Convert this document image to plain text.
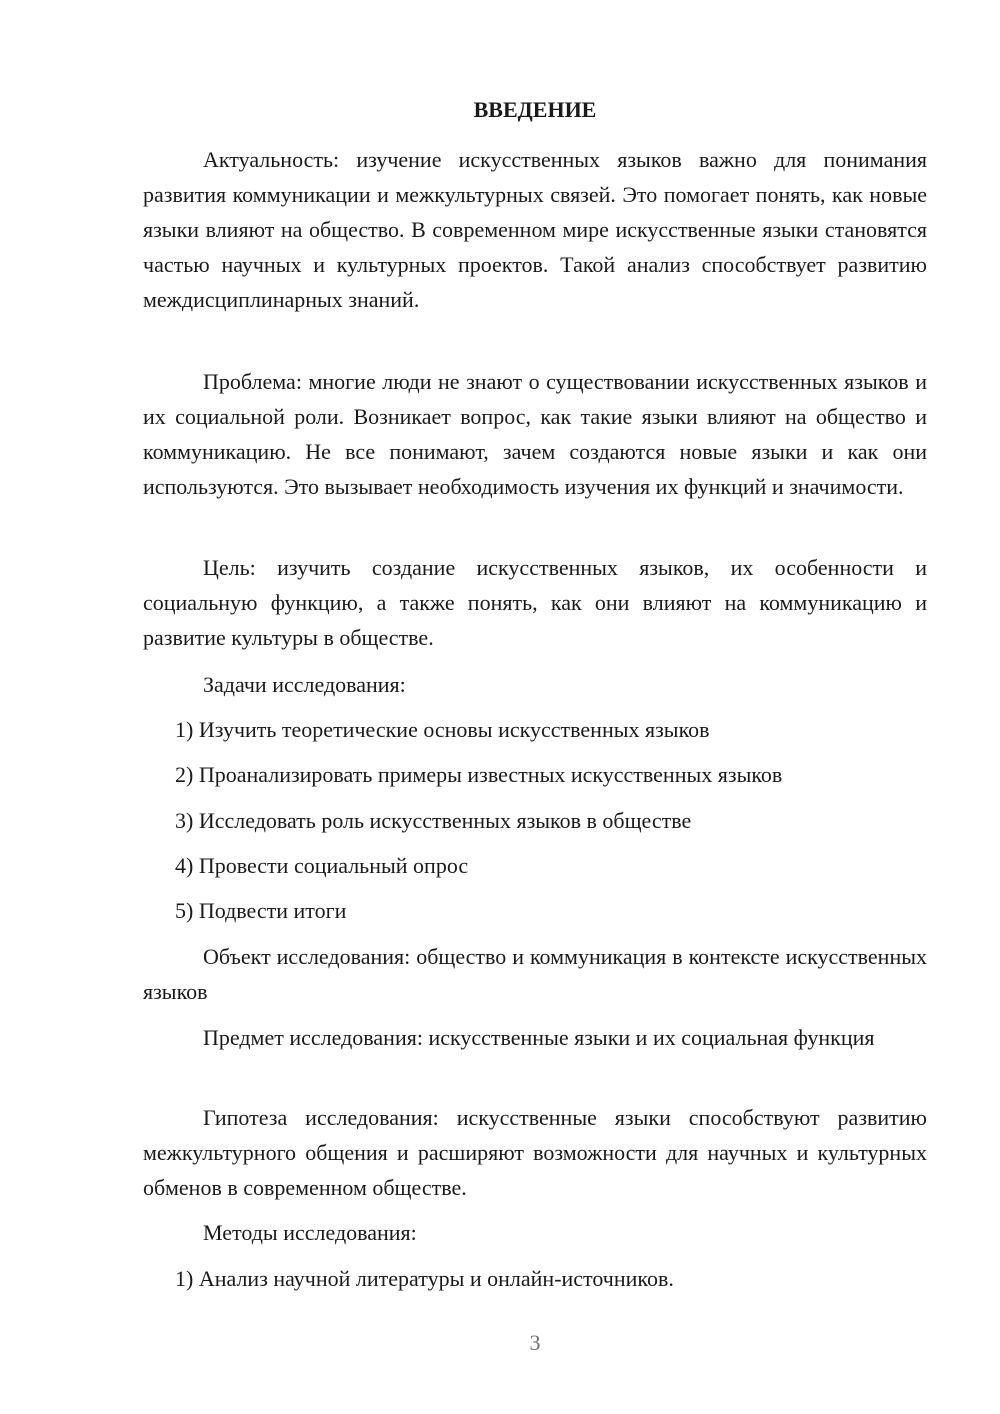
ВВЕДЕНИЕ

Актуальность: изучение искусственных языков важно для понимания развития коммуникации и межкультурных связей. Это помогает понять, как новые языки влияют на общество. В современном мире искусственные языки становятся частью научных и культурных проектов. Такой анализ способствует развитию междисциплинарных знаний.

Проблема: многие люди не знают о существовании искусственных языков и их социальной роли. Возникает вопрос, как такие языки влияют на общество и коммуникацию. Не все понимают, зачем создаются новые языки и как они используются. Это вызывает необходимость изучения их функций и значимости.

Цель: изучить создание искусственных языков, их особенности и социальную функцию, а также понять, как они влияют на коммуникацию и развитие культуры в обществе.

Задачи исследования:

1) Изучить теоретические основы искусственных языков

2) Проанализировать примеры известных искусственных языков

3) Исследовать роль искусственных языков в обществе

4) Провести социальный опрос

5) Подвести итоги

Объект исследования: общество и коммуникация в контексте искусственных языков

Предмет исследования: искусственные языки и их социальная функция

Гипотеза исследования: искусственные языки способствуют развитию межкультурного общения и расширяют возможности для научных и культурных обменов в современном обществе.

Методы исследования:

1) Анализ научной литературы и онлайн-источников.

3
